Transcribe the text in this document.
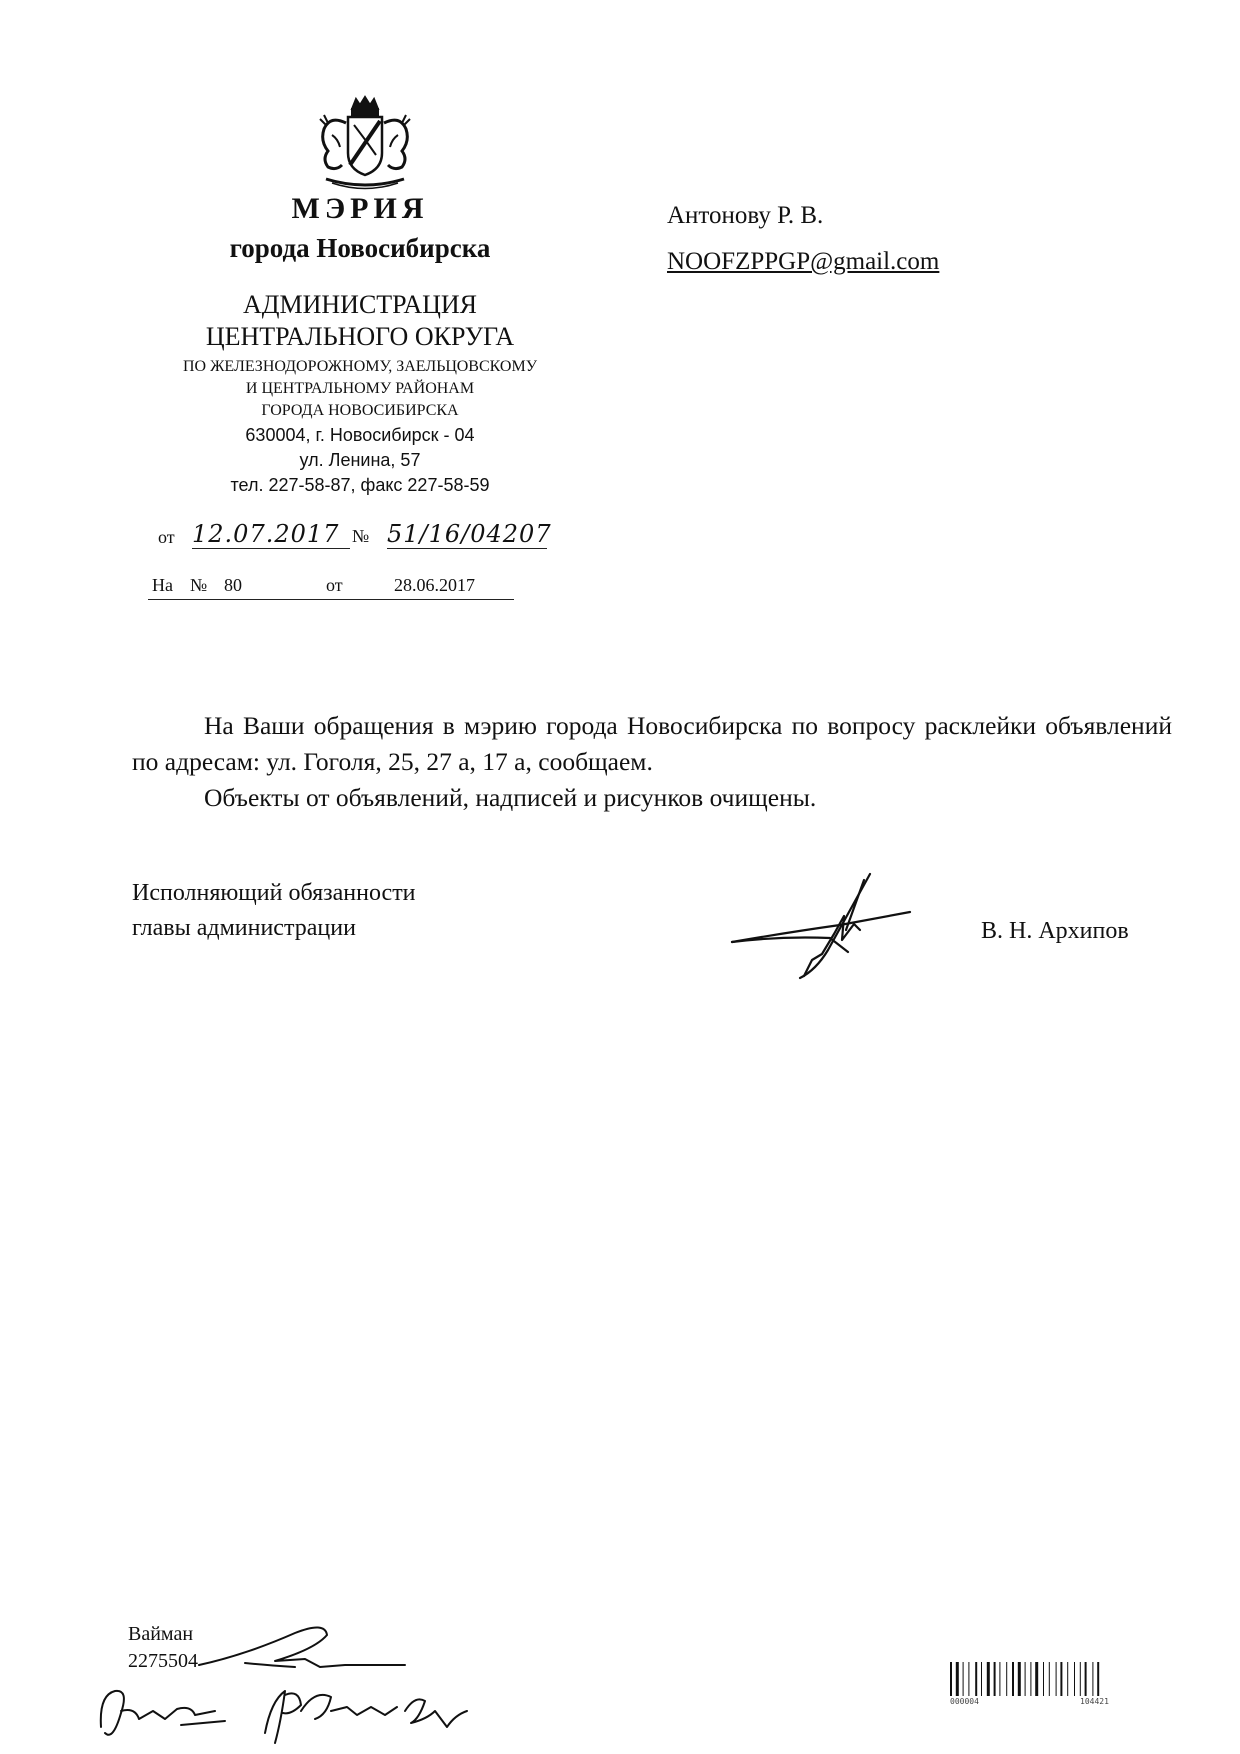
МЭРИЯ
города Новосибирска
АДМИНИСТРАЦИЯ
ЦЕНТРАЛЬНОГО ОКРУГА
ПО ЖЕЛЕЗНОДОРОЖНОМУ, ЗАЕЛЬЦОВСКОМУ
И ЦЕНТРАЛЬНОМУ РАЙОНАМ
ГОРОДА НОВОСИБИРСКА
630004, г. Новосибирск - 04
ул. Ленина, 57
тел. 227-58-87, факс 227-58-59
от 12.07.2017 № 51/16/04207
На № 80	от	28.06.2017
Антонову Р. В.
NOOFZPPGP@gmail.com
На Ваши обращения в мэрию города Новосибирска по вопросу расклейки объявлений по адресам: ул. Гоголя, 25, 27 а, 17 а, сообщаем.
Объекты от объявлений, надписей и рисунков очищены.
Исполняющий обязанности
главы администрации	В. Н. Архипов
Вайман
2275504
000004	104421
